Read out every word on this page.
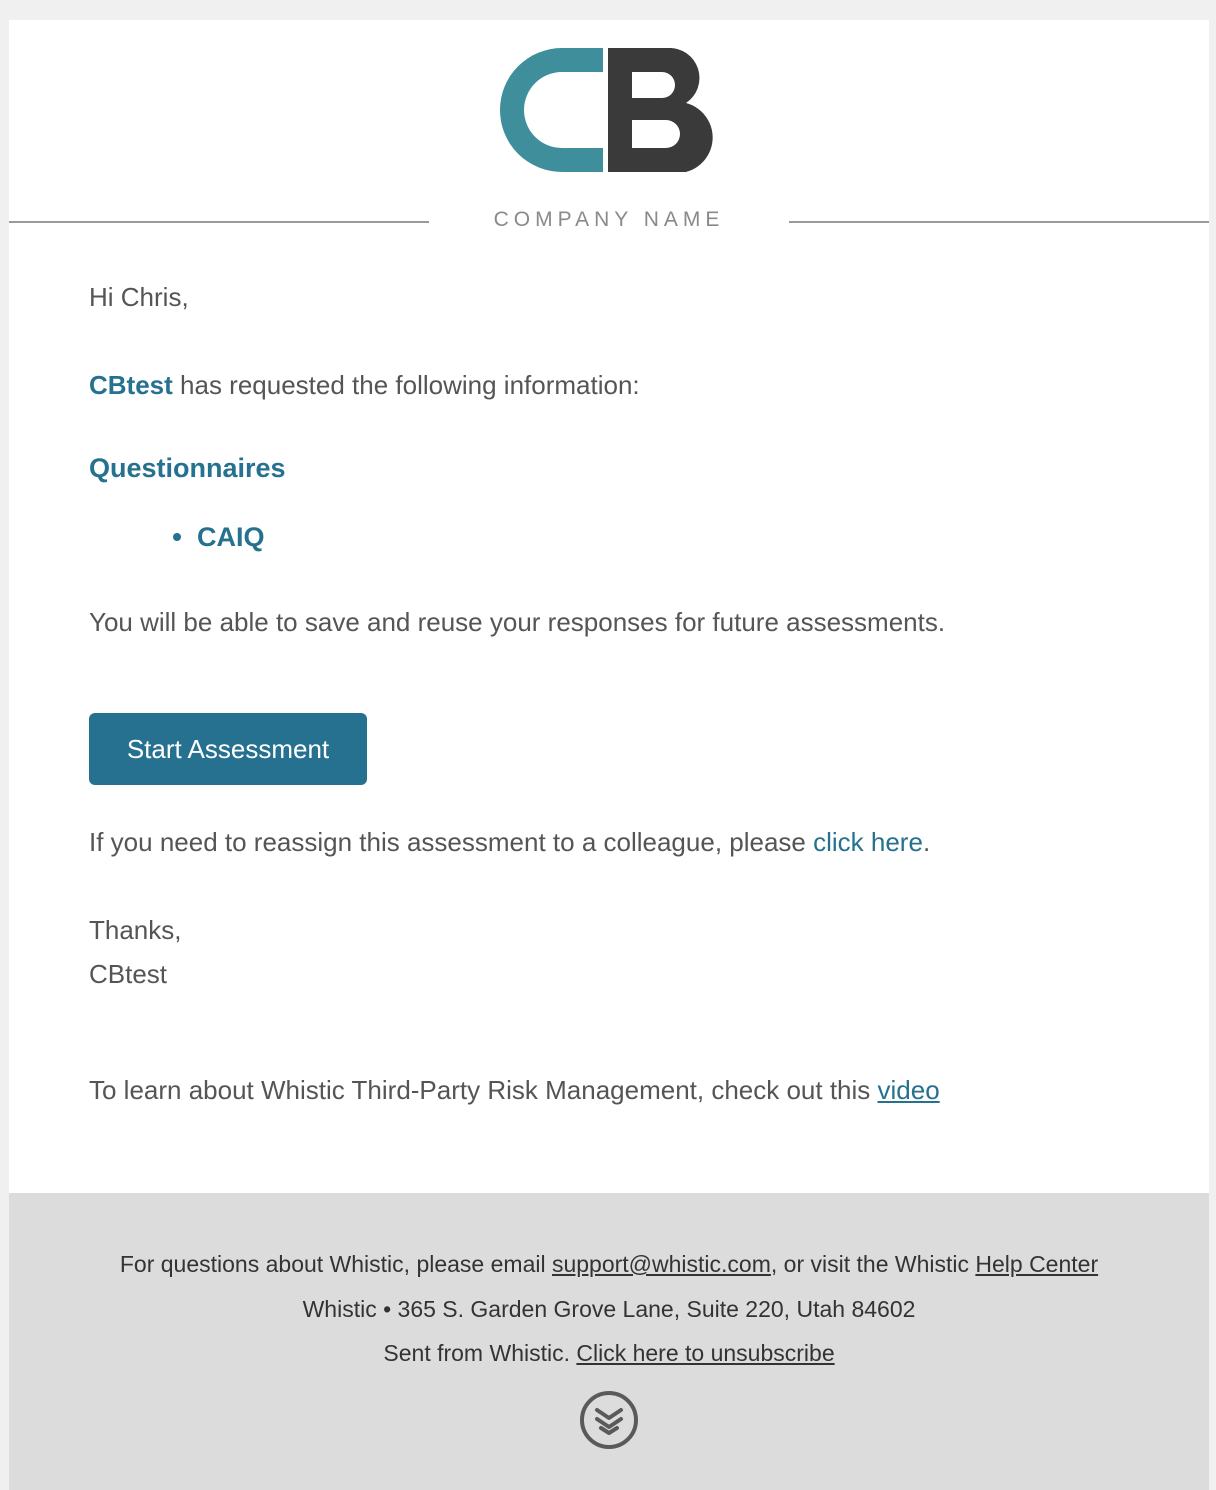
COMPANY NAME
Hi Chris,
CBtest has requested the following information:
Questionnaires
CAIQ
You will be able to save and reuse your responses for future assessments.
Start Assessment
If you need to reassign this assessment to a colleague, please click here.
Thanks,
CBtest
To learn about Whistic Third-Party Risk Management, check out this video
For questions about Whistic, please email support@whistic.com, or visit the Whistic Help Center
Whistic • 365 S. Garden Grove Lane, Suite 220, Utah 84602
Sent from Whistic. Click here to unsubscribe
